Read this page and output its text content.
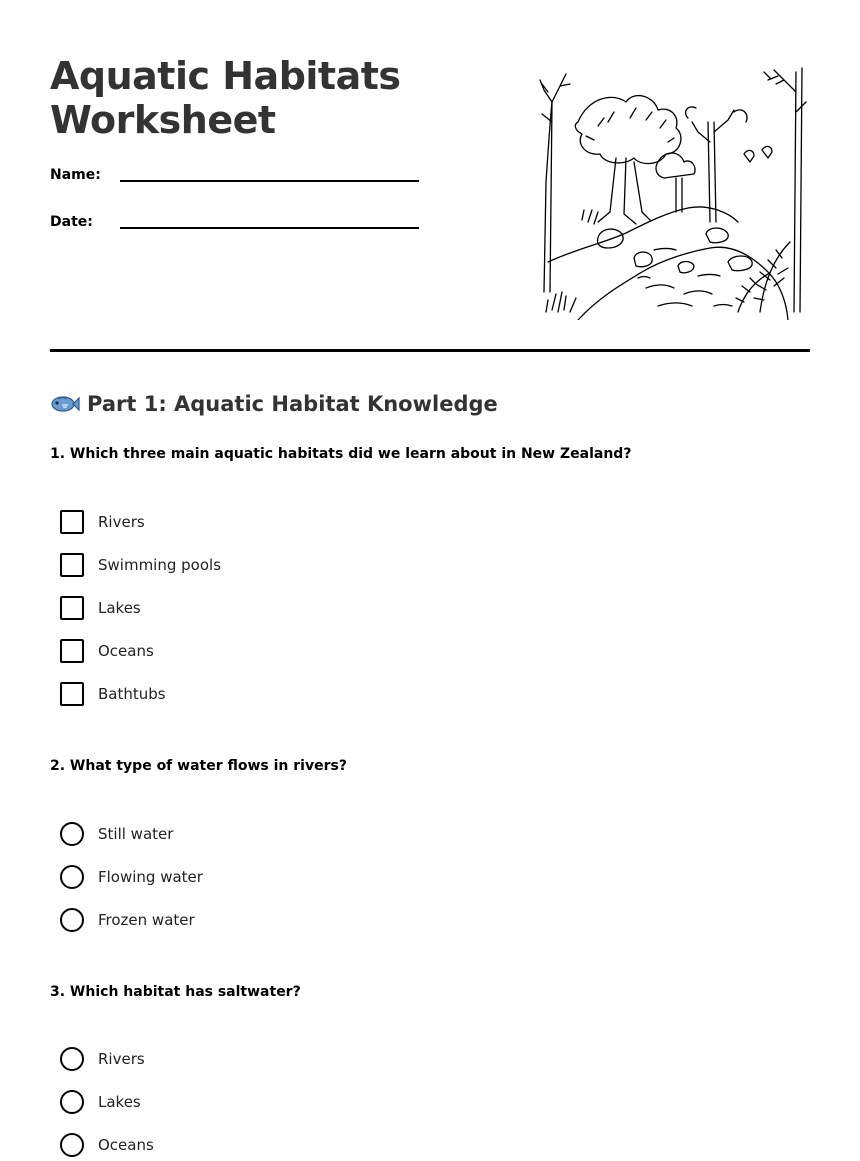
Aquatic Habitats
Worksheet
Name:
Date:
Part 1: Aquatic Habitat Knowledge

1. Which three main aquatic habitats did we learn about in New Zealand?

Rivers
Swimming pools
Lakes
Oceans
Bathtubs

2. What type of water flows in rivers?

Still water
Flowing water
Frozen water

3. Which habitat has saltwater?

Rivers
Lakes
Oceans
